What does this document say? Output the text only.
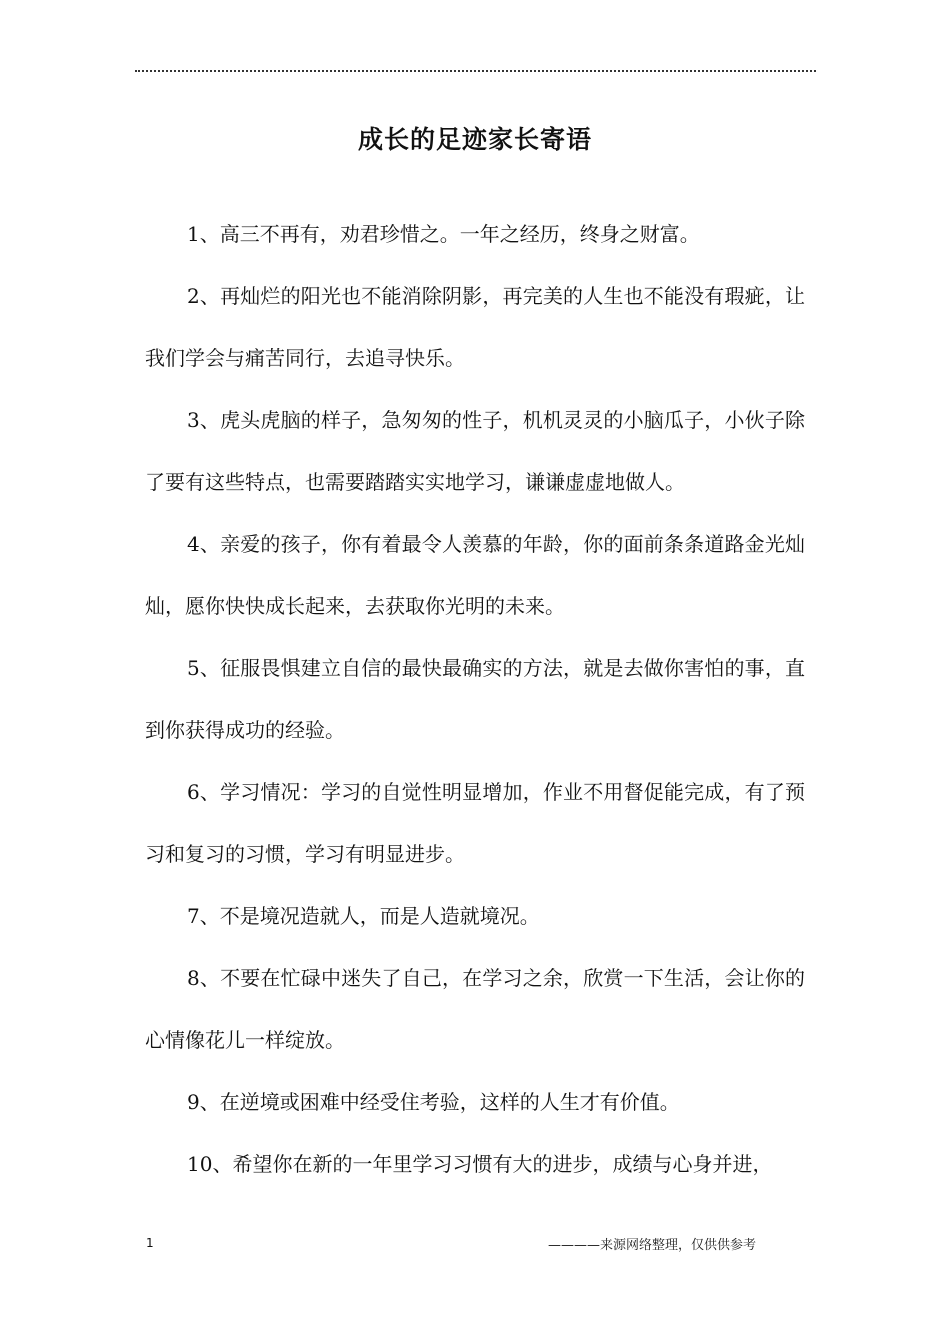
成长的足迹家长寄语

1、高三不再有，劝君珍惜之。一年之经历，终身之财富。

2、再灿烂的阳光也不能消除阴影，再完美的人生也不能没有瑕疵，让我们学会与痛苦同行，去追寻快乐。

3、虎头虎脑的样子，急匆匆的性子，机机灵灵的小脑瓜子，小伙子除了要有这些特点，也需要踏踏实实地学习，谦谦虚虚地做人。

4、亲爱的孩子，你有着最令人羡慕的年龄，你的面前条条道路金光灿灿，愿你快快成长起来，去获取你光明的未来。

5、征服畏惧建立自信的最快最确实的方法，就是去做你害怕的事，直到你获得成功的经验。

6、学习情况：学习的自觉性明显增加，作业不用督促能完成，有了预习和复习的习惯，学习有明显进步。

7、不是境况造就人，而是人造就境况。

8、不要在忙碌中迷失了自己，在学习之余，欣赏一下生活，会让你的心情像花儿一样绽放。

9、在逆境或困难中经受住考验，这样的人生才有价值。

10、希望你在新的一年里学习习惯有大的进步，成绩与心身并进，

1	————来源网络整理，仅供供参考
